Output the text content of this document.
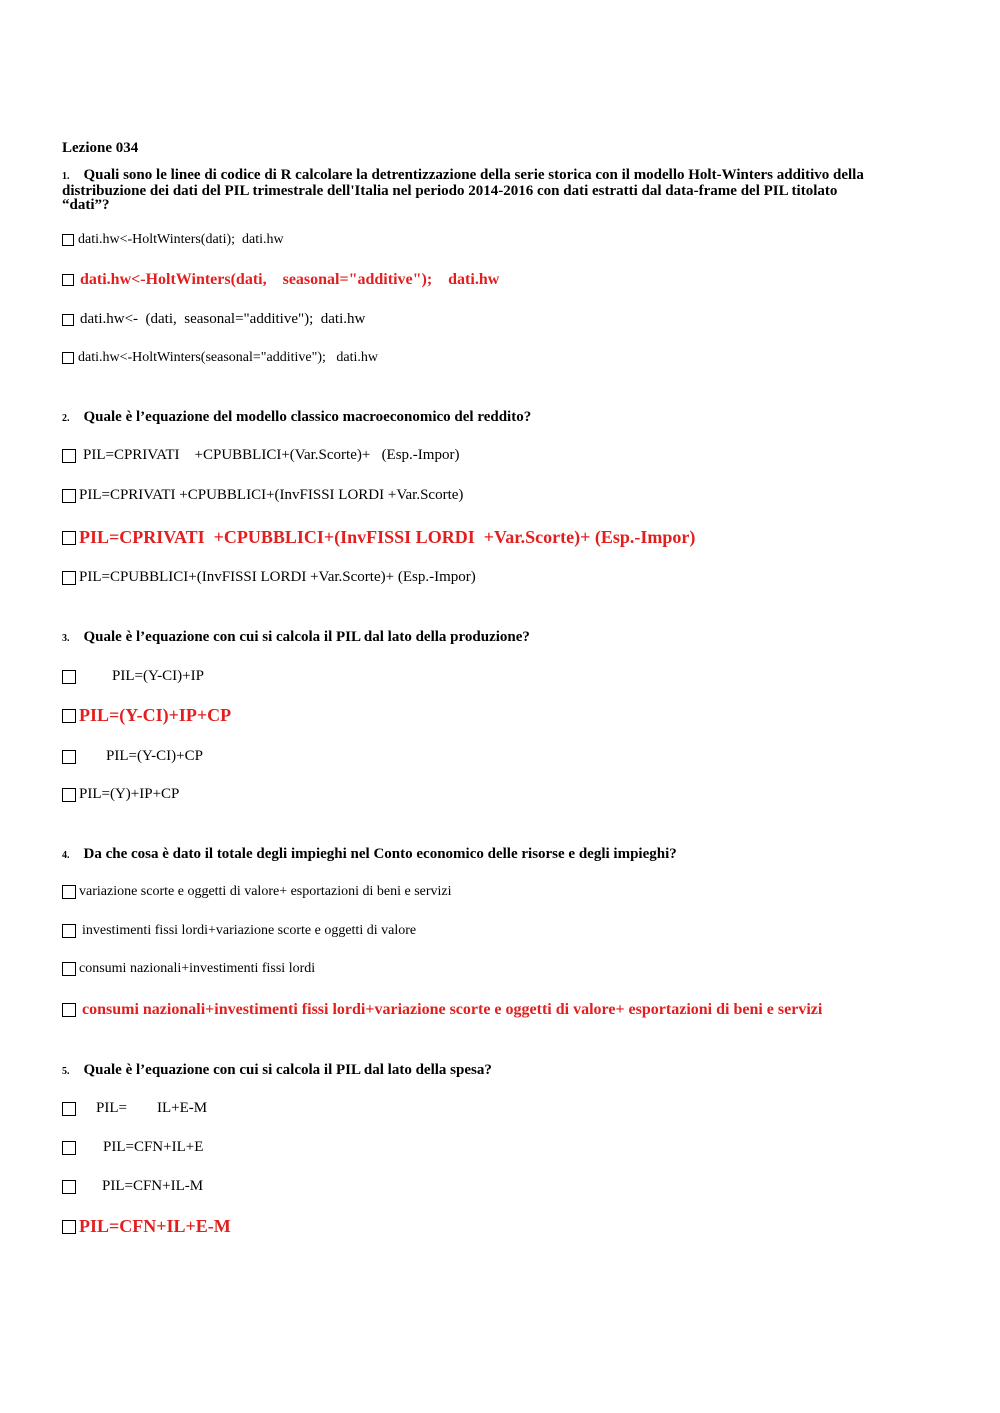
Lezione 034
1. Quali sono le linee di codice di R calcolare la detrentizzazione della serie storica con il modello Holt-Winters additivo della distribuzione dei dati del PIL trimestrale dell'Italia nel periodo 2014-2016 con dati estratti dal data-frame del PIL titolato “dati”?
dati.hw<-HoltWinters(dati);  dati.hw
dati.hw<-HoltWinters(dati,    seasonal="additive");    dati.hw
dati.hw<-  (dati,  seasonal="additive");  dati.hw
dati.hw<-HoltWinters(seasonal="additive");   dati.hw
2. Quale è l’equazione del modello classico macroeconomico del reddito?
PIL=CPRIVATI    +CPUBBLICI+(Var.Scorte)+   (Esp.-Impor)
PIL=CPRIVATI +CPUBBLICI+(InvFISSI LORDI +Var.Scorte)
PIL=CPRIVATI  +CPUBBLICI+(InvFISSI LORDI  +Var.Scorte)+ (Esp.-Impor)
PIL=CPUBBLICI+(InvFISSI LORDI +Var.Scorte)+ (Esp.-Impor)
3. Quale è l’equazione con cui si calcola il PIL dal lato della produzione?
PIL=(Y-CI)+IP
PIL=(Y-CI)+IP+CP
PIL=(Y-CI)+CP
PIL=(Y)+IP+CP
4. Da che cosa è dato il totale degli impieghi nel Conto economico delle risorse e degli impieghi?
variazione scorte e oggetti di valore+ esportazioni di beni e servizi
investimenti fissi lordi+variazione scorte e oggetti di valore
consumi nazionali+investimenti fissi lordi
consumi nazionali+investimenti fissi lordi+variazione scorte e oggetti di valore+ esportazioni di beni e servizi
5. Quale è l’equazione con cui si calcola il PIL dal lato della spesa?
PIL=        IL+E-M
PIL=CFN+IL+E
PIL=CFN+IL-M
PIL=CFN+IL+E-M
